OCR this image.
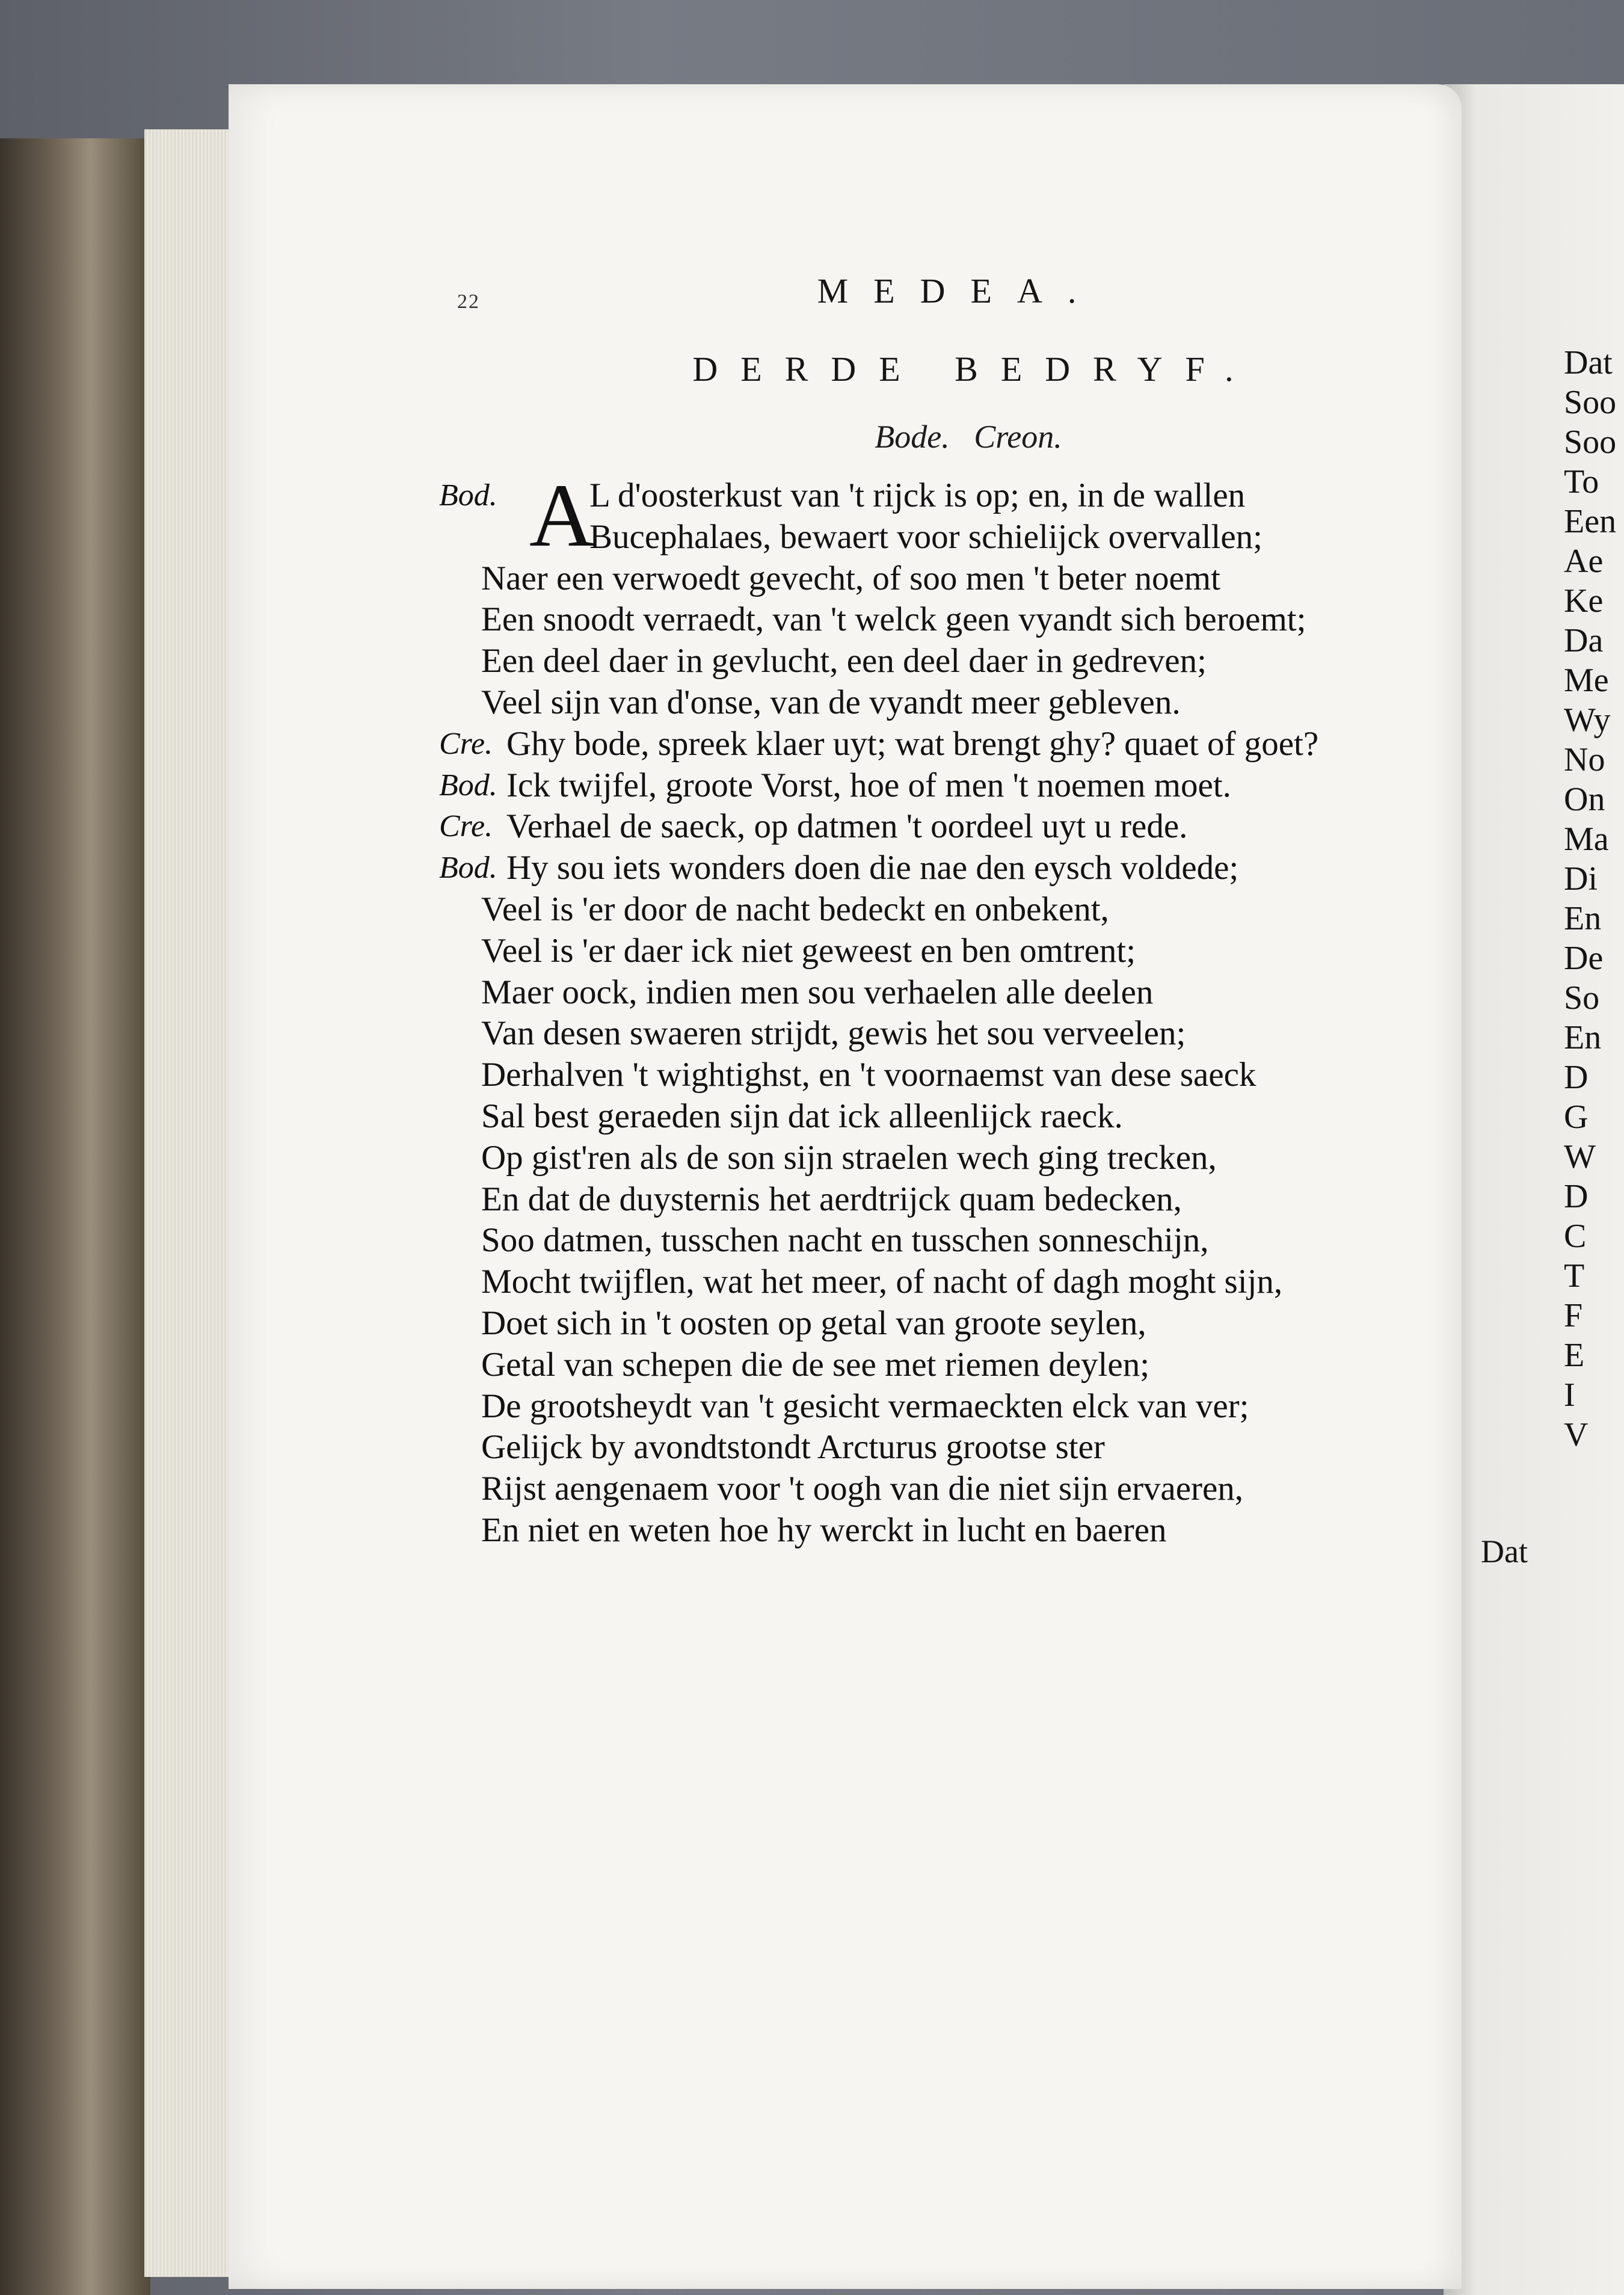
Dat
Soo
Soo
To
Een
Ae
Ke
Da
Me
Wy
No
On
Ma
Di
En
De
So
En
D
G
W
D
C
T
F
E
I
V
22	MEDEA.
DERDE BEDRYF.
Bode.   Creon.
Bod. A
L d'oosterkust van 't rijck is op; en, in de wallen
Bucephalaes, bewaert voor schielijck overvallen;
Naer een verwoedt gevecht, of soo men 't beter noemt
Een snoodt verraedt, van 't welck geen vyandt sich beroemt;
Een deel daer in gevlucht, een deel daer in gedreven;
Veel sijn van d'onse, van de vyandt meer gebleven.
Cre. Ghy bode, spreek klaer uyt; wat brengt ghy? quaet of goet?
Bod. Ick twijfel, groote Vorst, hoe of men 't noemen moet.
Cre. Verhael de saeck, op datmen 't oordeel uyt u rede.
Bod. Hy sou iets wonders doen die nae den eysch voldede;
Veel is 'er door de nacht bedeckt en onbekent,
Veel is 'er daer ick niet geweest en ben omtrent;
Maer oock, indien men sou verhaelen alle deelen
Van desen swaeren strijdt, gewis het sou verveelen;
Derhalven 't wightighst, en 't voornaemst van dese saeck
Sal best geraeden sijn dat ick alleenlijck raeck.
Op gist'ren als de son sijn straelen wech ging trecken,
En dat de duysternis het aerdtrijck quam bedecken,
Soo datmen, tusschen nacht en tusschen sonneschijn,
Mocht twijflen, wat het meer, of nacht of dagh moght sijn,
Doet sich in 't oosten op getal van groote seylen,
Getal van schepen die de see met riemen deylen;
De grootsheydt van 't gesicht vermaeckten elck van ver;
Gelijck by avondtstondt Arcturus grootse ster
Rijst aengenaem voor 't oogh van die niet sijn ervaeren,
En niet en weten hoe hy werckt in lucht en baeren
Dat
